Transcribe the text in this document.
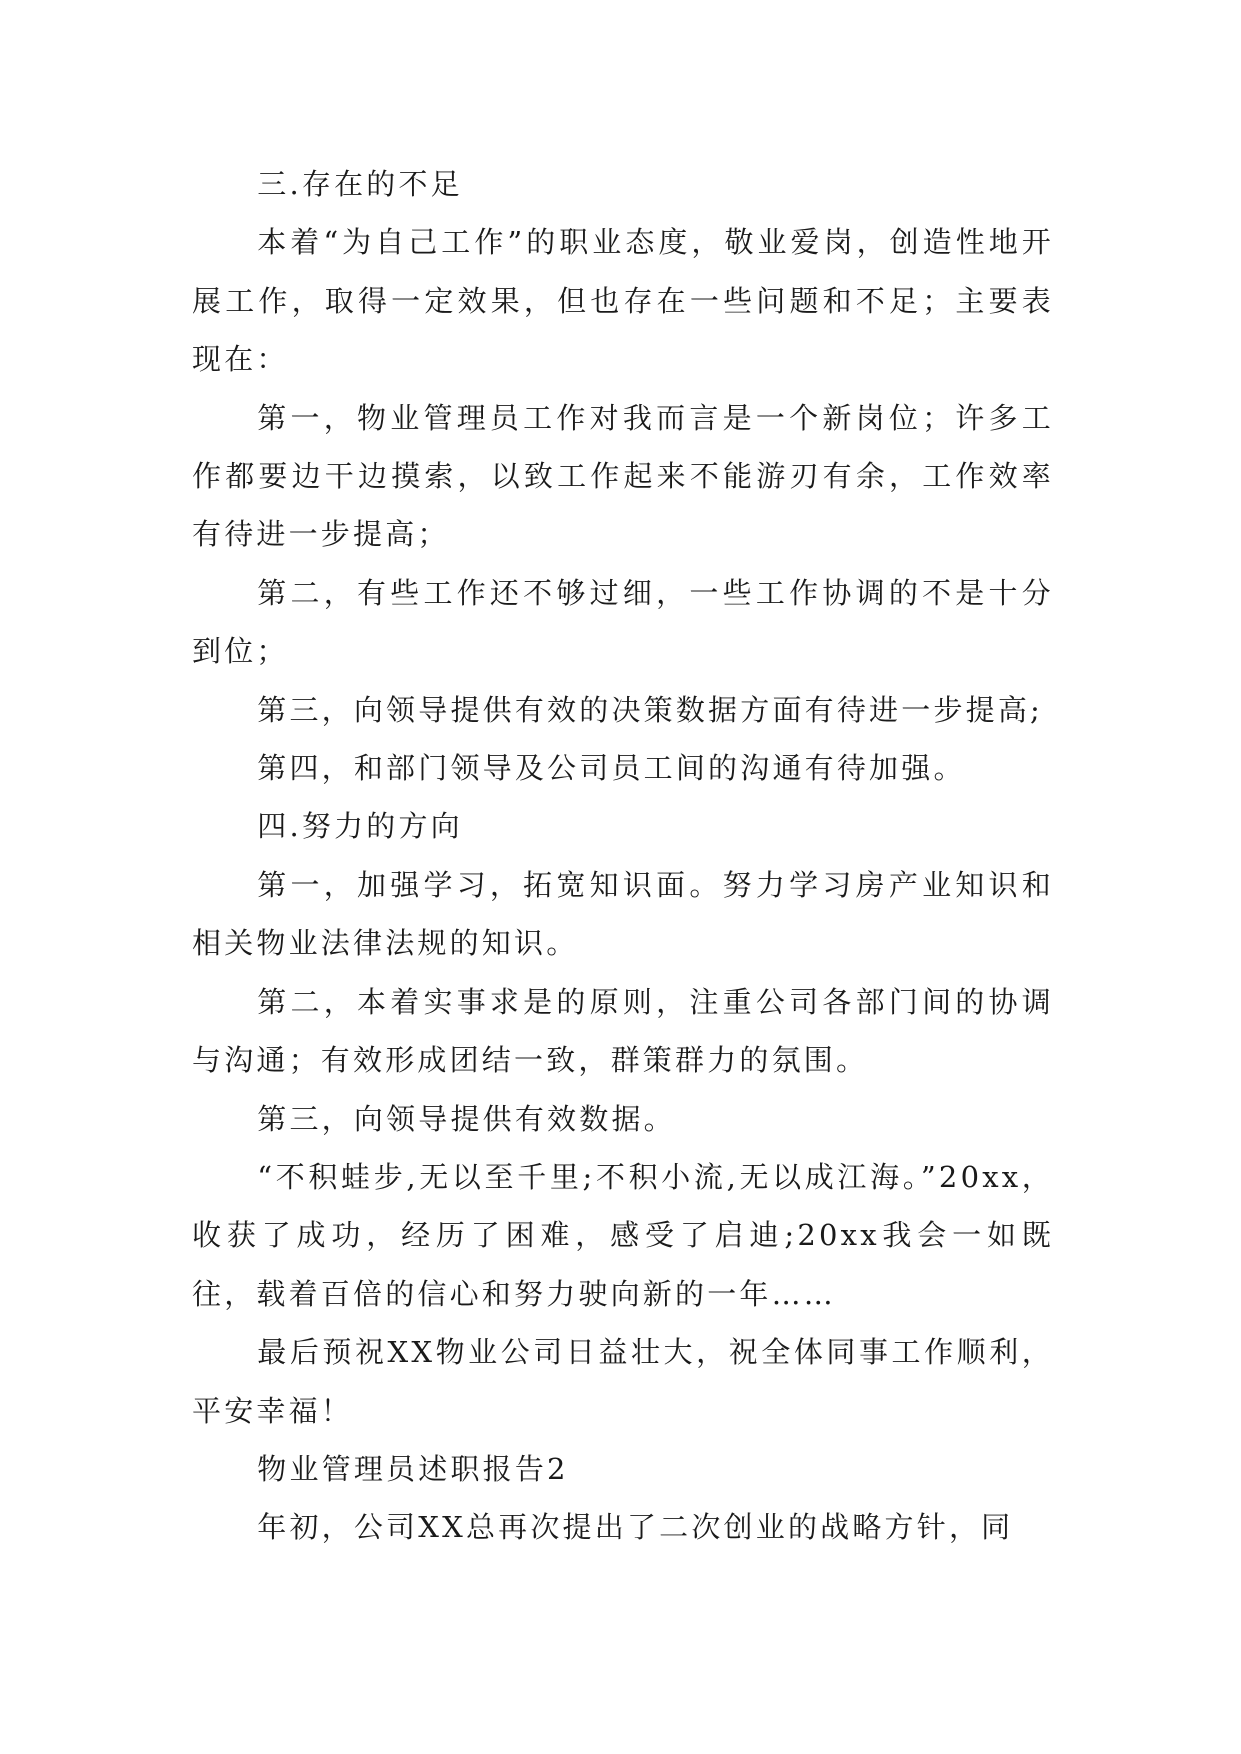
三.存在的不足

本着“为自己工作”的职业态度，敬业爱岗，创造性地开展工作，取得一定效果，但也存在一些问题和不足；主要表现在：

第一，物业管理员工作对我而言是一个新岗位；许多工作都要边干边摸索，以致工作起来不能游刃有余，工作效率有待进一步提高；

第二，有些工作还不够过细，一些工作协调的不是十分到位；

第三，向领导提供有效的决策数据方面有待进一步提高;

第四，和部门领导及公司员工间的沟通有待加强。

四.努力的方向

第一，加强学习，拓宽知识面。努力学习房产业知识和相关物业法律法规的知识。

第二，本着实事求是的原则，注重公司各部门间的协调与沟通；有效形成团结一致，群策群力的氛围。

第三，向领导提供有效数据。

“不积蛙步,无以至千里;不积小流,无以成江海。”20xx，收获了成功，经历了困难，感受了启迪;20xx我会一如既往，载着百倍的信心和努力驶向新的一年……

最后预祝XX物业公司日益壮大，祝全体同事工作顺利，平安幸福！

物业管理员述职报告2

年初，公司XX总再次提出了二次创业的战略方针，同
